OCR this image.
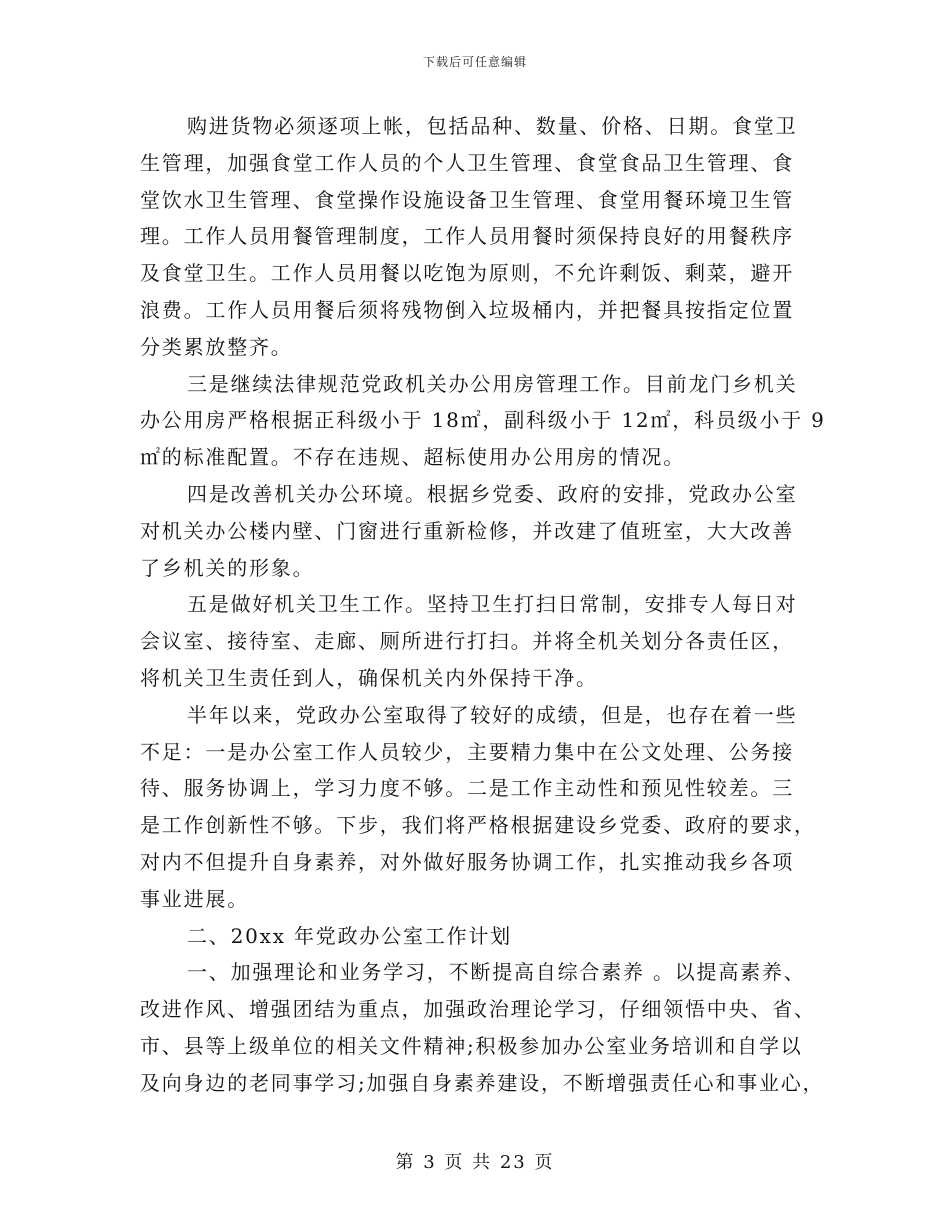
下载后可任意编辑
购进货物必须逐项上帐，包括品种、数量、价格、日期。食堂卫
生管理，加强食堂工作人员的个人卫生管理、食堂食品卫生管理、食
堂饮水卫生管理、食堂操作设施设备卫生管理、食堂用餐环境卫生管
理。工作人员用餐管理制度，工作人员用餐时须保持良好的用餐秩序
及食堂卫生。工作人员用餐以吃饱为原则，不允许剩饭、剩菜，避开
浪费。工作人员用餐后须将残物倒入垃圾桶内，并把餐具按指定位置
分类累放整齐。
三是继续法律规范党政机关办公用房管理工作。目前龙门乡机关
办公用房严格根据正科级小于 18㎡，副科级小于 12㎡，科员级小于 9
㎡的标准配置。不存在违规、超标使用办公用房的情况。
四是改善机关办公环境。根据乡党委、政府的安排，党政办公室
对机关办公楼内壁、门窗进行重新检修，并改建了值班室，大大改善
了乡机关的形象。
五是做好机关卫生工作。坚持卫生打扫日常制，安排专人每日对
会议室、接待室、走廊、厕所进行打扫。并将全机关划分各责任区，
将机关卫生责任到人，确保机关内外保持干净。
半年以来，党政办公室取得了较好的成绩，但是，也存在着一些
不足：一是办公室工作人员较少，主要精力集中在公文处理、公务接
待、服务协调上，学习力度不够。二是工作主动性和预见性较差。三
是工作创新性不够。下步，我们将严格根据建设乡党委、政府的要求，
对内不但提升自身素养，对外做好服务协调工作，扎实推动我乡各项
事业进展。
二、20xx 年党政办公室工作计划
一、加强理论和业务学习，不断提高自综合素养 。以提高素养、
改进作风、增强团结为重点，加强政治理论学习，仔细领悟中央、省、
市、县等上级单位的相关文件精神;积极参加办公室业务培训和自学以
及向身边的老同事学习;加强自身素养建设，不断增强责任心和事业心，
第 3 页 共 23 页
